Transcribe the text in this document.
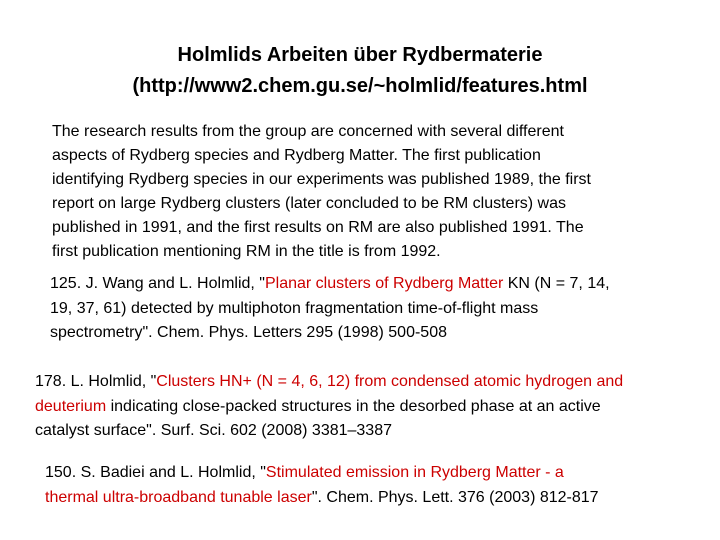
Holmlids Arbeiten über Rydbermaterie
(http://www2.chem.gu.se/~holmlid/features.html
The research results from the group are concerned with several different
aspects of Rydberg species and Rydberg Matter. The first publication
identifying Rydberg species in our experiments was published 1989, the first
report on large Rydberg clusters (later concluded to be RM clusters) was
published in 1991, and the first results on RM are also published 1991. The
first publication mentioning RM in the title is from 1992.
125. J. Wang and L. Holmlid, "Planar clusters of Rydberg Matter KN (N = 7, 14,
19, 37, 61) detected by multiphoton fragmentation time-of-flight mass
spectrometry". Chem. Phys. Letters 295 (1998) 500-508
178. L. Holmlid, "Clusters HN+ (N = 4, 6, 12) from condensed atomic hydrogen and
deuterium indicating close-packed structures in the desorbed phase at an active
catalyst surface". Surf. Sci. 602 (2008) 3381–3387
150. S. Badiei and L. Holmlid, "Stimulated emission in Rydberg Matter - a
thermal ultra-broadband tunable laser". Chem. Phys. Lett. 376 (2003) 812-817
